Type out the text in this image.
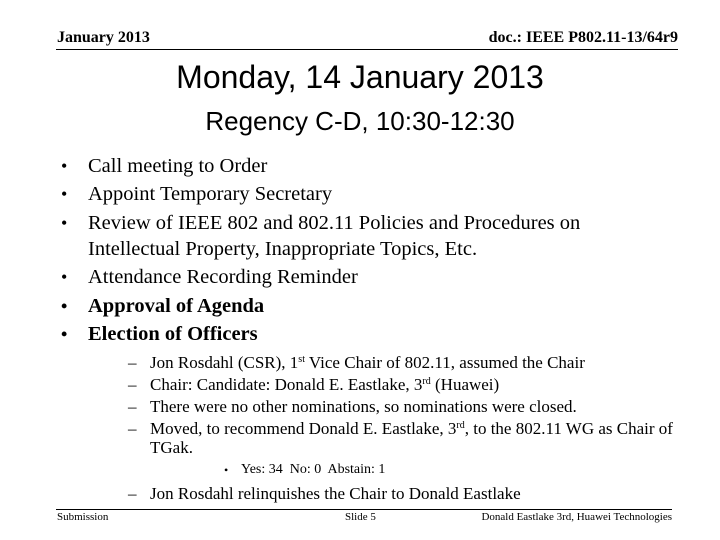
January 2013	doc.: IEEE P802.11-13/64r9
Monday, 14 January 2013
Regency C-D, 10:30-12:30
• Call meeting to Order
• Appoint Temporary Secretary
• Review of IEEE 802 and 802.11 Policies and Procedures on Intellectual Property, Inappropriate Topics, Etc.
• Attendance Recording Reminder
• Approval of Agenda
• Election of Officers
– Jon Rosdahl (CSR), 1st Vice Chair of 802.11, assumed the Chair
– Chair: Candidate: Donald E. Eastlake, 3rd (Huawei)
– There were no other nominations, so nominations were closed.
– Moved, to recommend Donald E. Eastlake, 3rd, to the 802.11 WG as Chair of TGak.
• Yes: 34  No: 0  Abstain: 1
– Jon Rosdahl relinquishes the Chair to Donald Eastlake
Submission	Slide 5	Donald Eastlake 3rd, Huawei Technologies
